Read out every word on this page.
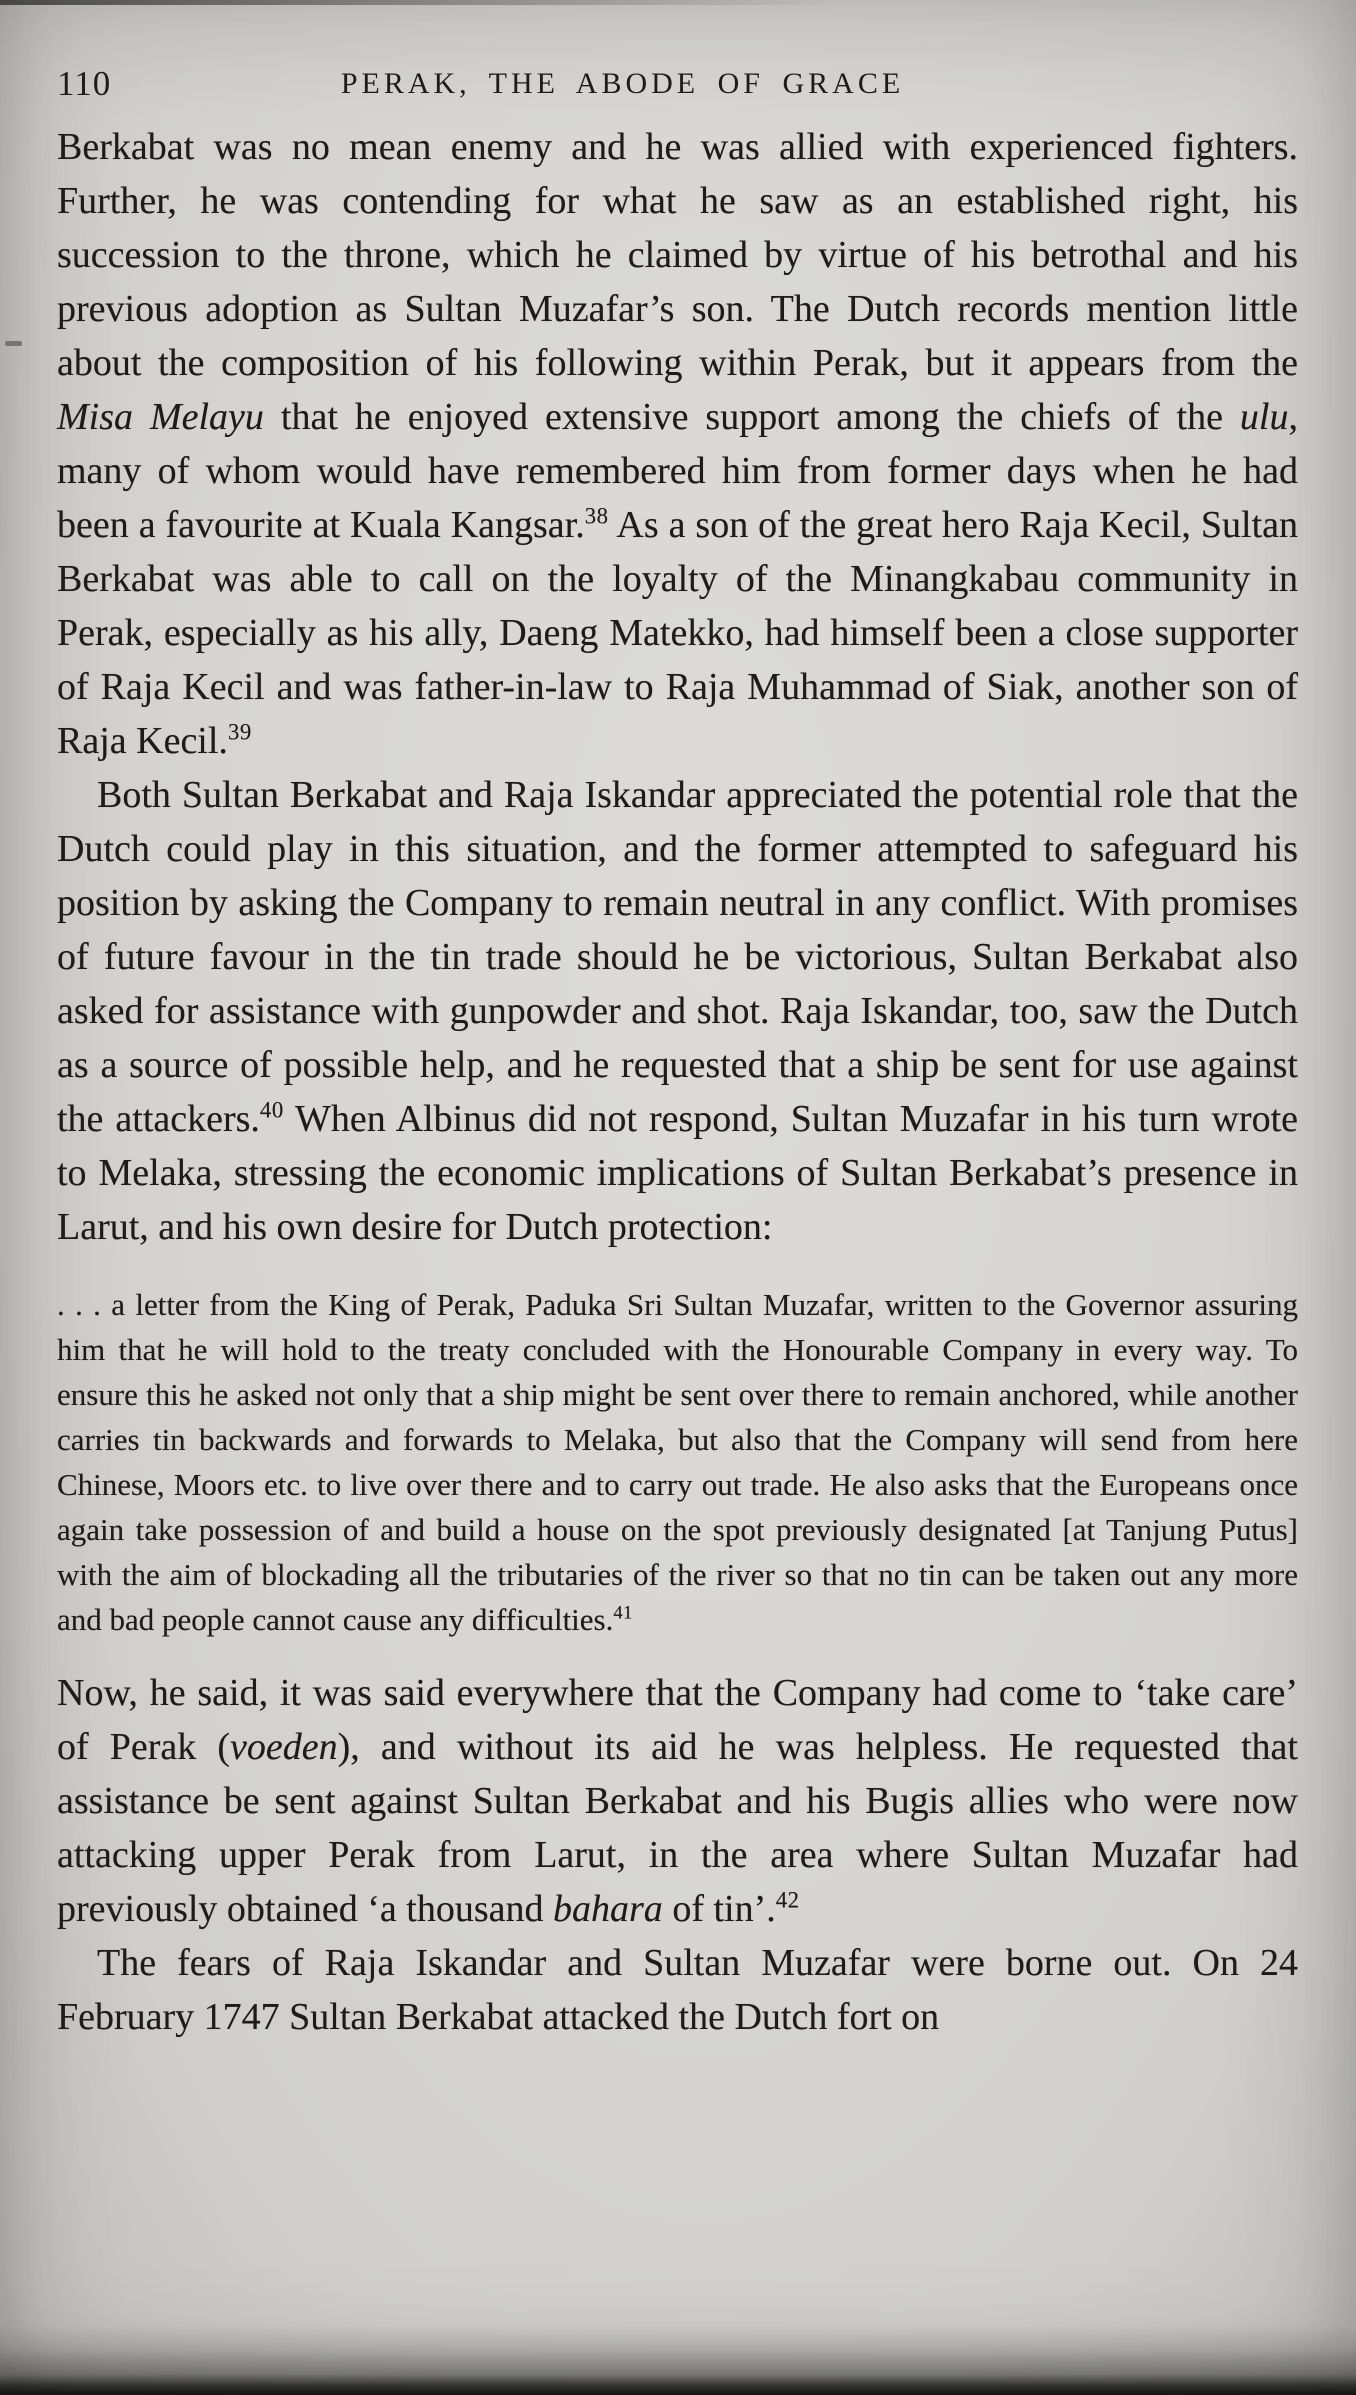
110	PERAK, THE ABODE OF GRACE

Berkabat was no mean enemy and he was allied with experienced fighters. Further, he was contending for what he saw as an established right, his succession to the throne, which he claimed by virtue of his betrothal and his previous adoption as Sultan Muzafar’s son. The Dutch records mention little about the composition of his following within Perak, but it appears from the Misa Melayu that he enjoyed extensive support among the chiefs of the ulu, many of whom would have remembered him from former days when he had been a favourite at Kuala Kangsar.$^{38}$ As a son of the great hero Raja Kecil, Sultan Berkabat was able to call on the loyalty of the Minangkabau community in Perak, especially as his ally, Daeng Matekko, had himself been a close supporter of Raja Kecil and was father-in-law to Raja Muhammad of Siak, another son of Raja Kecil.$^{39}$

Both Sultan Berkabat and Raja Iskandar appreciated the potential role that the Dutch could play in this situation, and the former attempted to safeguard his position by asking the Company to remain neutral in any conflict. With promises of future favour in the tin trade should he be victorious, Sultan Berkabat also asked for assistance with gunpowder and shot. Raja Iskandar, too, saw the Dutch as a source of possible help, and he requested that a ship be sent for use against the attackers.$^{40}$ When Albinus did not respond, Sultan Muzafar in his turn wrote to Melaka, stressing the economic implications of Sultan Berkabat’s presence in Larut, and his own desire for Dutch protection:

. . . a letter from the King of Perak, Paduka Sri Sultan Muzafar, written to the Governor assuring him that he will hold to the treaty concluded with the Honourable Company in every way. To ensure this he asked not only that a ship might be sent over there to remain anchored, while another carries tin backwards and forwards to Melaka, but also that the Company will send from here Chinese, Moors etc. to live over there and to carry out trade. He also asks that the Europeans once again take possession of and build a house on the spot previously designated [at Tanjung Putus] with the aim of blockading all the tributaries of the river so that no tin can be taken out any more and bad people cannot cause any difficulties.$^{41}$

Now, he said, it was said everywhere that the Company had come to ‘take care’ of Perak (voeden), and without its aid he was helpless. He requested that assistance be sent against Sultan Berkabat and his Bugis allies who were now attacking upper Perak from Larut, in the area where Sultan Muzafar had previously obtained ‘a thousand bahara of tin’.$^{42}$

The fears of Raja Iskandar and Sultan Muzafar were borne out. On 24 February 1747 Sultan Berkabat attacked the Dutch fort on
